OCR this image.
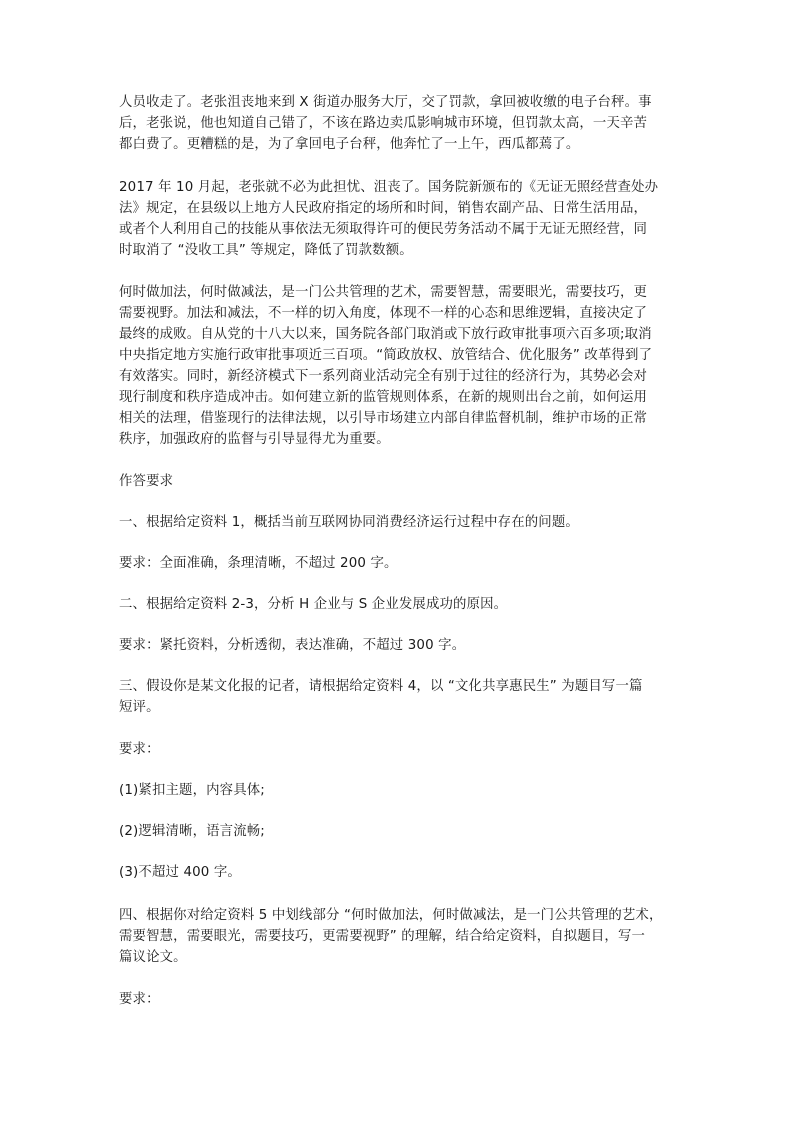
人员收走了。老张沮丧地来到 X 街道办服务大厅，交了罚款，拿回被收缴的电子台秤。事
后，老张说，他也知道自己错了，不该在路边卖瓜影响城市环境，但罚款太高，一天辛苦
都白费了。更糟糕的是，为了拿回电子台秤，他奔忙了一上午，西瓜都蔫了。
2017 年 10 月起，老张就不必为此担忧、沮丧了。国务院新颁布的《无证无照经营查处办
法》规定，在县级以上地方人民政府指定的场所和时间，销售农副产品、日常生活用品，
或者个人利用自己的技能从事依法无须取得许可的便民劳务活动不属于无证无照经营，同
时取消了 “没收工具” 等规定，降低了罚款数额。
何时做加法，何时做减法，是一门公共管理的艺术，需要智慧，需要眼光，需要技巧，更
需要视野。加法和减法，不一样的切入角度，体现不一样的心态和思维逻辑，直接决定了
最终的成败。自从党的十八大以来，国务院各部门取消或下放行政审批事项六百多项;取消
中央指定地方实施行政审批事项近三百项。“简政放权、放管结合、优化服务” 改革得到了
有效落实。同时，新经济模式下一系列商业活动完全有别于过往的经济行为，其势必会对
现行制度和秩序造成冲击。如何建立新的监管规则体系，在新的规则出台之前，如何运用
相关的法理，借鉴现行的法律法规，以引导市场建立内部自律监督机制，维护市场的正常
秩序，加强政府的监督与引导显得尤为重要。
作答要求
一、根据给定资料 1，概括当前互联网协同消费经济运行过程中存在的问题。
要求：全面准确，条理清晰，不超过 200 字。
二、根据给定资料 2-3，分析 H 企业与 S 企业发展成功的原因。
要求：紧托资料，分析透彻，表达准确，不超过 300 字。
三、假设你是某文化报的记者，请根据给定资料 4，以 “文化共享惠民生” 为题目写一篇
短评。
要求：
(1)紧扣主题，内容具体;
(2)逻辑清晰，语言流畅;
(3)不超过 400 字。
四、根据你对给定资料 5 中划线部分 “何时做加法，何时做减法，是一门公共管理的艺术，
需要智慧，需要眼光，需要技巧，更需要视野” 的理解，结合给定资料，自拟题目，写一
篇议论文。
要求：
